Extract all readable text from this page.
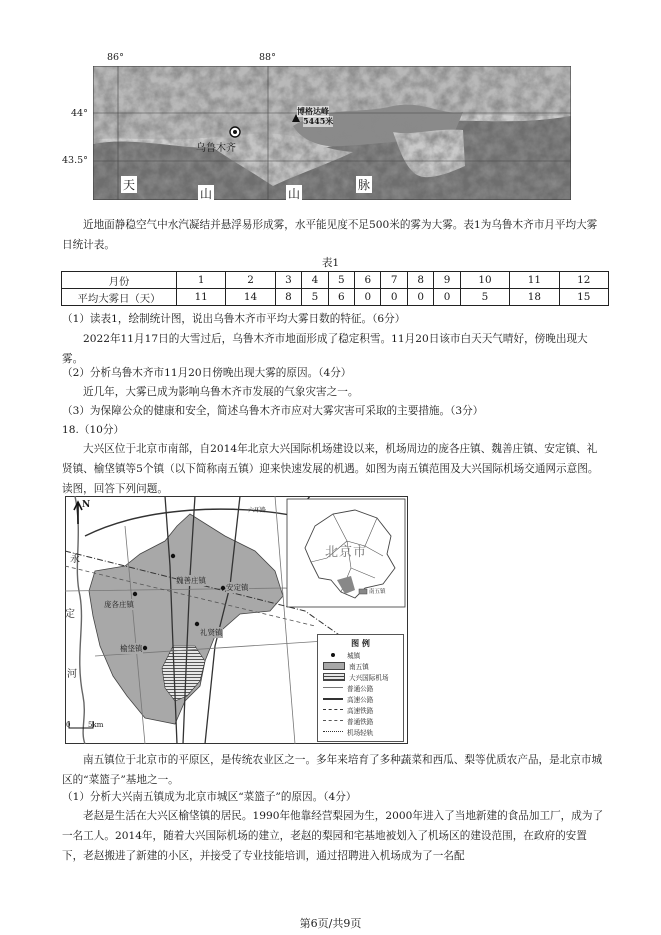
86°	88°
44°
43.5°
乌鲁木齐
博格达峰
5445米
天
山	山
脉
近地面静稳空气中水汽凝结并悬浮易形成雾，水平能见度不足500米的雾为大雾。表1为乌鲁木齐市月平均大雾日统计表。
表1
月份	1	2	3	4	5	6	7	8	9	10	11	12
平均大雾日（天）	11	14	8	5	6	0	0	0	0	5	18	15
（1）读表1，绘制统计图，说出乌鲁木齐市平均大雾日数的特征。（6分）
2022年11月17日的大雪过后，乌鲁木齐市地面形成了稳定积雪。11月20日该市白天天气晴好，傍晚出现大雾。
（2）分析乌鲁木齐市11月20日傍晚出现大雾的原因。（4分）
近几年，大雾已成为影响乌鲁木齐市发展的气象灾害之一。
（3）为保障公众的健康和安全，简述乌鲁木齐市应对大雾灾害可采取的主要措施。（3分）
18.（10分）
大兴区位于北京市南部，自2014年北京大兴国际机场建设以来，机场周边的庞各庄镇、魏善庄镇、安定镇、礼贤镇、榆垡镇等5个镇（以下简称南五镇）迎来快速发展的机遇。如图为南五镇范围及大兴国际机场交通网示意图。读图，回答下列问题。
N
永
定
河
六环路
魏善庄镇
安定镇
庞各庄镇
礼贤镇
榆垡镇
0	5km
北京市
南五镇
图 例
城镇
南五镇
大兴国际机场
普通公路
高速公路
高速铁路
普通铁路
机场轻轨
南五镇位于北京市的平原区，是传统农业区之一。多年来培育了多种蔬菜和西瓜、梨等优质农产品，是北京市城区的“菜篮子”基地之一。
（1）分析大兴南五镇成为北京市城区“菜篮子”的原因。（4分）
老赵是生活在大兴区榆垡镇的居民。1990年他靠经营梨园为生，2000年进入了当地新建的食品加工厂，成为了一名工人。2014年，随着大兴国际机场的建立，老赵的梨园和宅基地被划入了机场区的建设范围，在政府的安置下，老赵搬进了新建的小区，并接受了专业技能培训，通过招聘进入机场成为了一名配
第6页/共9页
